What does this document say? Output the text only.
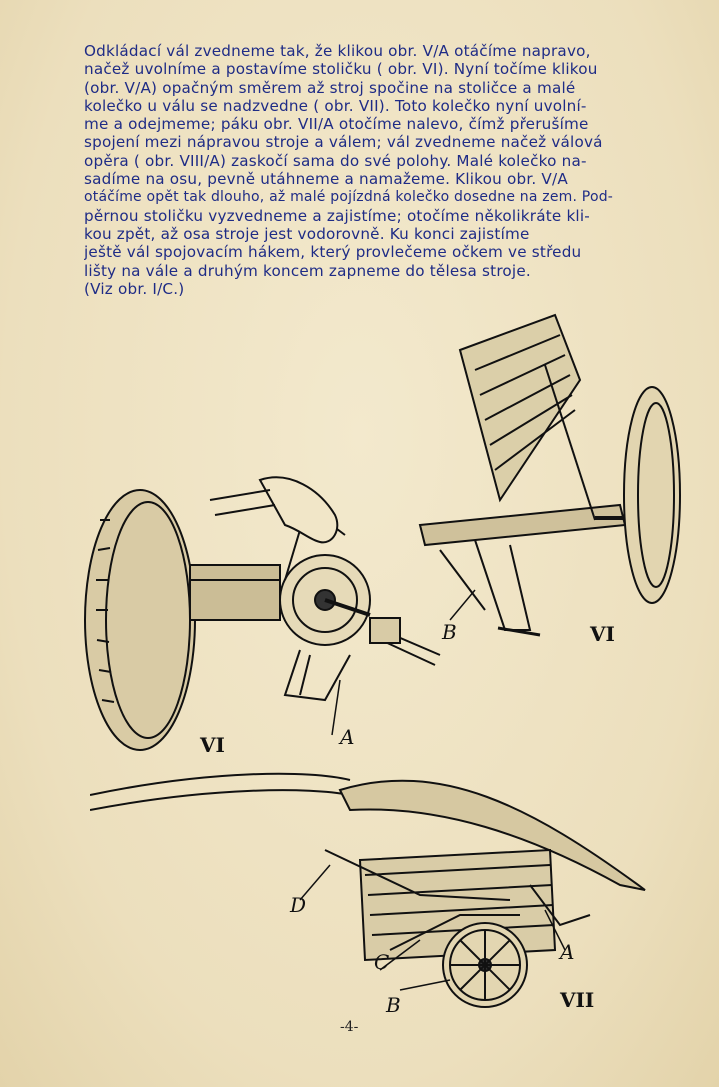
Odkládací vál zvedneme tak, že klikou obr. V/A otáčíme napravo,
načež uvolníme a postavíme stoličku ( obr. VI). Nyní točíme klikou
(obr. V/A) opačným směrem až stroj spočine na stoličce a malé
kolečko u válu se nadzvedne ( obr. VII). Toto kolečko nyní uvolní-
me a odejmeme; páku obr. VII/A otočíme nalevo, čímž přerušíme
spojení mezi nápravou stroje a válem; vál zvedneme načež válová
opěra ( obr. VIII/A) zaskočí sama do své polohy. Malé kolečko na-
sadíme na osu, pevně utáhneme a namažeme. Klikou obr. V/A
otáčíme opět tak dlouho, až malé pojízdná kolečko dosedne na zem. Pod-
pěrnou stoličku vyzvedneme a zajistíme; otočíme několikráte kli-
kou zpět, až osa stroje jest vodorovně. Ku konci zajistíme
ještě vál spojovacím hákem, který provlečeme očkem ve středu
lišty na vále a druhým koncem zapneme do tělesa stroje.
(Viz obr. I/C.)
VI	A
VI
B
D
C	A
B	VII
-4-
